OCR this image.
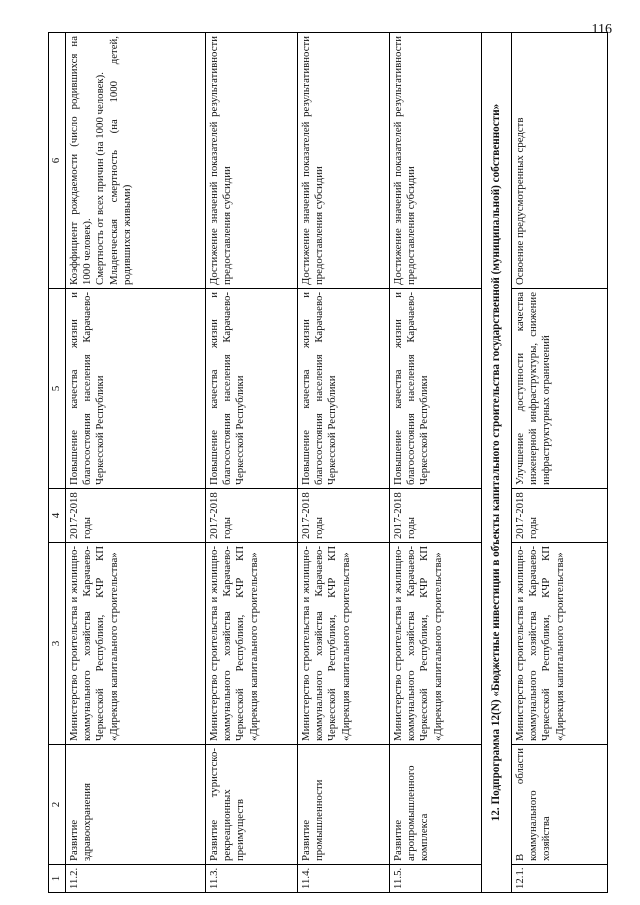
116
1	2	3	4	5	6
11.2.	Развитие здравоохранения	Министерство строительства и жилищно-коммунального хозяйства Карачаево-Черкесской Республики, КЧР КП «Дирекция капитального строительства»	2017-2018 годы	Повышение качества жизни и благосостояния населения Карачаево-Черкесской Республики	Коэффициент рождаемости (число родившихся на 1000 человек). Смертность от всех причин (на 1000 человек). Младенческая смертность (на 1000 детей, родившихся живыми)

11.3.	Развитие туристско-рекреационных преимуществ	Министерство строительства и жилищно-коммунального хозяйства Карачаево-Черкесской Республики, КЧР КП «Дирекция капитального строительства»	2017-2018 годы	Повышение качества жизни и благосостояния населения Карачаево-Черкесской Республики	Достижение значений показателей результативности предоставления субсидии

11.4.	Развитие промышленности	Министерство строительства и жилищно-коммунального хозяйства Карачаево-Черкесской Республики, КЧР КП «Дирекция капитального строительства»	2017-2018 годы	Повышение качества жизни и благосостояния населения Карачаево-Черкесской Республики	Достижение значений показателей результативности предоставления субсидии

11.5.	Развитие агропромышленного комплекса	Министерство строительства и жилищно-коммунального хозяйства Карачаево-Черкесской Республики, КЧР КП «Дирекция капитального строительства»	2017-2018 годы	Повышение качества жизни и благосостояния населения Карачаево-Черкесской Республики	Достижение значений показателей результативности предоставления субсидии

12. Подпрограмма 12(N) «Бюджетные инвестиции в объекты капитального строительства государственной (муниципальной) собственности»					
12.1.	В области коммунального хозяйства	Министерство строительства и жилищно-коммунального хозяйства Карачаево-Черкесской Республики, КЧР КП «Дирекция капитального строительства»	2017-2018 годы	Улучшение доступности качества инженерной инфраструктуры, снижение инфраструктурных ограничений	Освоение предусмотренных средств
